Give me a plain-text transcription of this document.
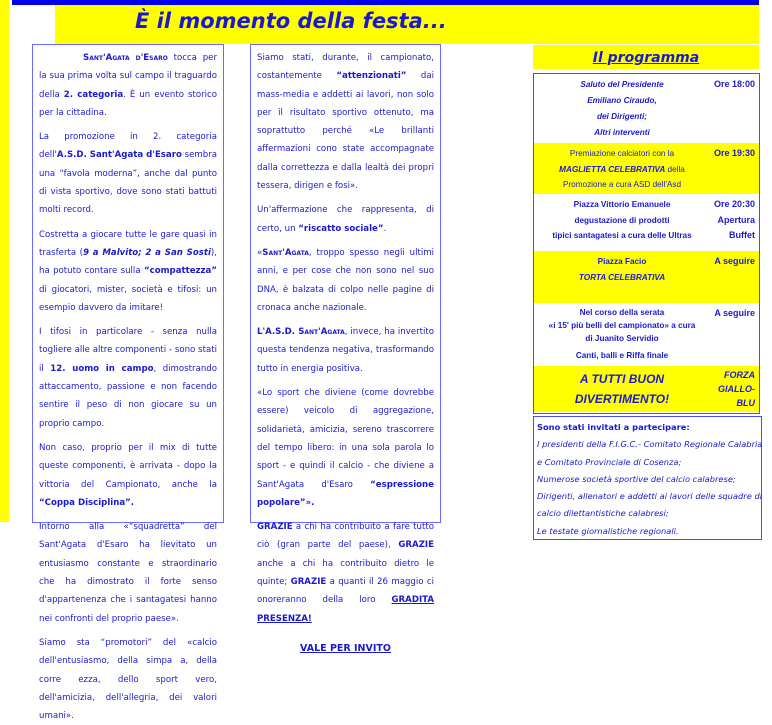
È il momento della festa...

Sant'Agata d'Esaro tocca per la sua prima volta sul campo il traguardo della 2. categoria. È un evento storico per la cittadina.

La promozione in 2. categoria dell'A.S.D. Sant'Agata d'Esaro sembra una “favola moderna”, anche dal punto di vista sportivo, dove sono stati battuti molti record.

Costretta a giocare tutte le gare quasi in trasferta (9 a Malvito; 2 a San Sosti), ha potuto contare sulla “compattezza” di giocatori, mister, società e tifosi: un esempio davvero da imitare!

I tifosi in particolare - senza nulla togliere alle altre componenti - sono stati il 12. uomo in campo, dimostrando attaccamento, passione e non facendo sentire il peso di non giocare su un proprio campo.

Non caso, proprio per il mix di tutte queste componenti, è arrivata - dopo la vittoria del Campionato, anche la “Coppa Disciplina”.

Intorno alla «“squadretta” del Sant'Agata d'Esaro ha lievitato un entusiasmo constante e straordinario che ha dimostrato il forte senso d'appartenenza che i santagatesi hanno nei confronti del proprio paese».

Siamo sta “promotori” del «calcio dell'entusiasmo, della simpa a, della corre ezza, dello sport vero, dell'amicizia, dell'allegria, dei valori umani».

Siamo stati, durante, il campionato, costantemente “attenzionati” dai mass-media e addetti ai lavori, non solo per il risultato sportivo ottenuto, ma soprattutto perché «Le brillanti affermazioni cono state accompagnate dalla correttezza e dalla lealtà dei propri tessera, dirigen e fosi».

Un'affermazione che rappresenta, di certo, un “riscatto sociale”.

«Sant'Agata, troppo spesso negli ultimi anni, e per cose che non sono nel suo DNA, è balzata di colpo nelle pagine di cronaca anche nazionale.

L'A.S.D. Sant'Agata, invece, ha invertito questa tendenza negativa, trasformando tutto in energia positiva.

«Lo sport che diviene (come dovrebbe essere) veicolo di aggregazione, solidarietà, amicizia, sereno trascorrere del tempo libero: in una sola parola lo sport - e quindi il calcio - che diviene a Sant'Agata d'Esaro “espressione popolare”».

GRAZIE a chi ha contribuito a fare tutto ciò (gran parte del paese), GRAZIE anche a chi ha contribuito dietro le quinte; GRAZIE a quanti il 26 maggio ci onoreranno della loro GRADITA PRESENZA!

VALE PER INVITO
Il programma
Saluto del Presidente
Emiliano Ciraudo,
dei Dirigenti;
Altri interventi
Ore 18:00
Premiazione calciatori con la
MAGLIETTA CELEBRATIVA della
Promozione a cura ASD dell'Asd
Ore 19:30
Piazza Vittorio Emanuele
degustazione di prodotti
tipici santagatesi a cura delle Ultras
Ore 20:30
Apertura
Buffet
Piazza Facio
TORTA CELEBRATIVA
A seguire
Nel corso della serata
«i 15' più belli del campionato» a cura
di Juanito Servidio
Canti, balli e Riffa finale
A seguire
A TUTTI BUON
DIVERTIMENTO!
FORZA
GIALLO-
BLU
Sono stati invitati a partecipare:
I presidenti della F.I.G.C.- Comitato Regionale Calabria
e Comitato Provinciale di Cosenza;
Numerose società sportive del calcio calabrese;
Dirigenti, allenatori e addetti ai lavori delle squadre di
calcio dilettantistiche calabresi;
Le testate giornalistiche regionali.
